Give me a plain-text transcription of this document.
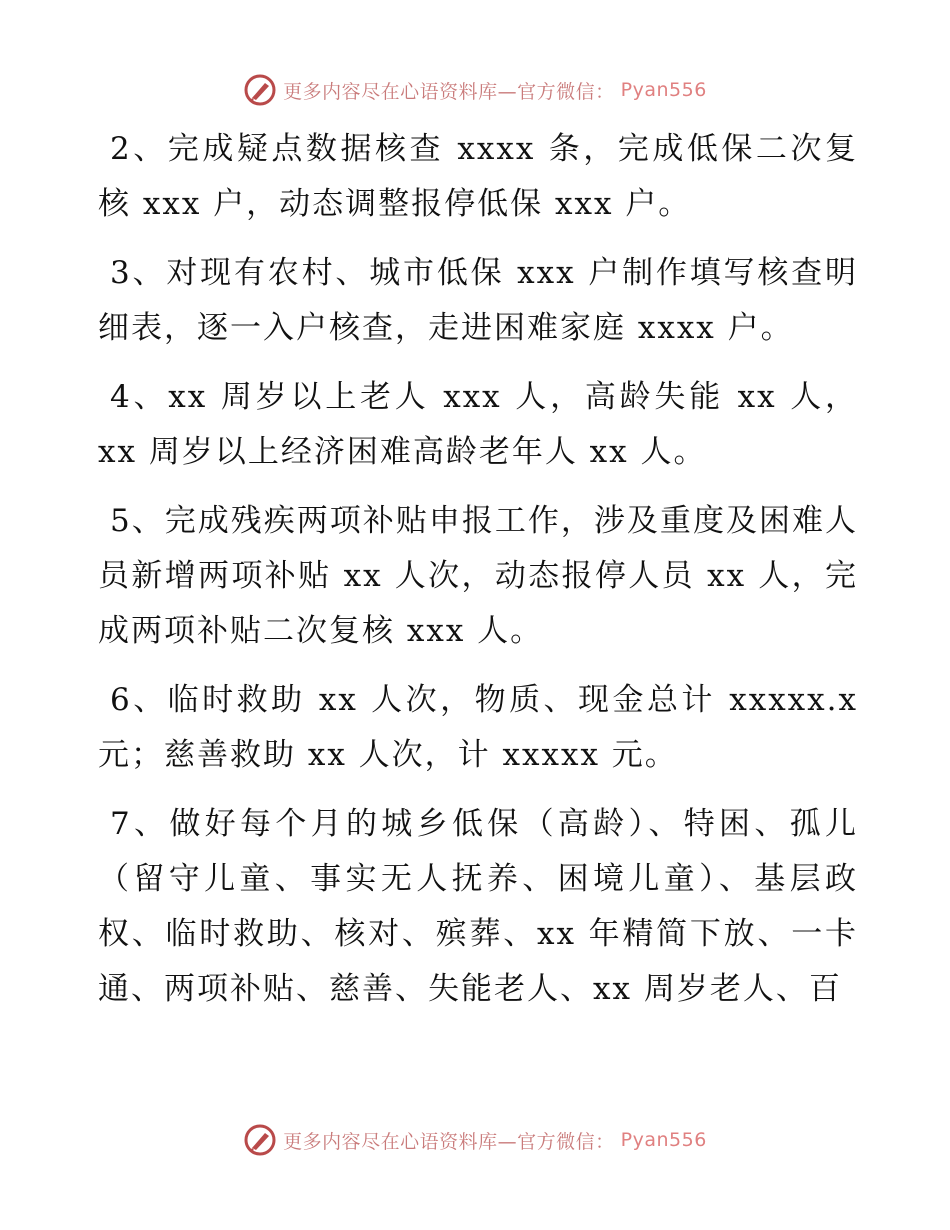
更多内容尽在心语资料库—官方微信： Pyan556

2、完成疑点数据核查 xxxx 条，完成低保二次复核 xxx 户，动态调整报停低保 xxx 户。

3、对现有农村、城市低保 xxx 户制作填写核查明细表，逐一入户核查，走进困难家庭 xxxx 户。

4、xx 周岁以上老人 xxx 人，高龄失能 xx 人，xx 周岁以上经济困难高龄老年人 xx 人。

5、完成残疾两项补贴申报工作，涉及重度及困难人员新增两项补贴 xx 人次，动态报停人员 xx 人，完成两项补贴二次复核 xxx 人。

6、临时救助 xx 人次，物质、现金总计 xxxxx.x 元；慈善救助 xx 人次，计 xxxxx 元。

7、做好每个月的城乡低保（高龄）、特困、孤儿（留守儿童、事实无人抚养、困境儿童）、基层政权、临时救助、核对、殡葬、xx 年精简下放、一卡通、两项补贴、慈善、失能老人、xx 周岁老人、百

更多内容尽在心语资料库—官方微信： Pyan556
